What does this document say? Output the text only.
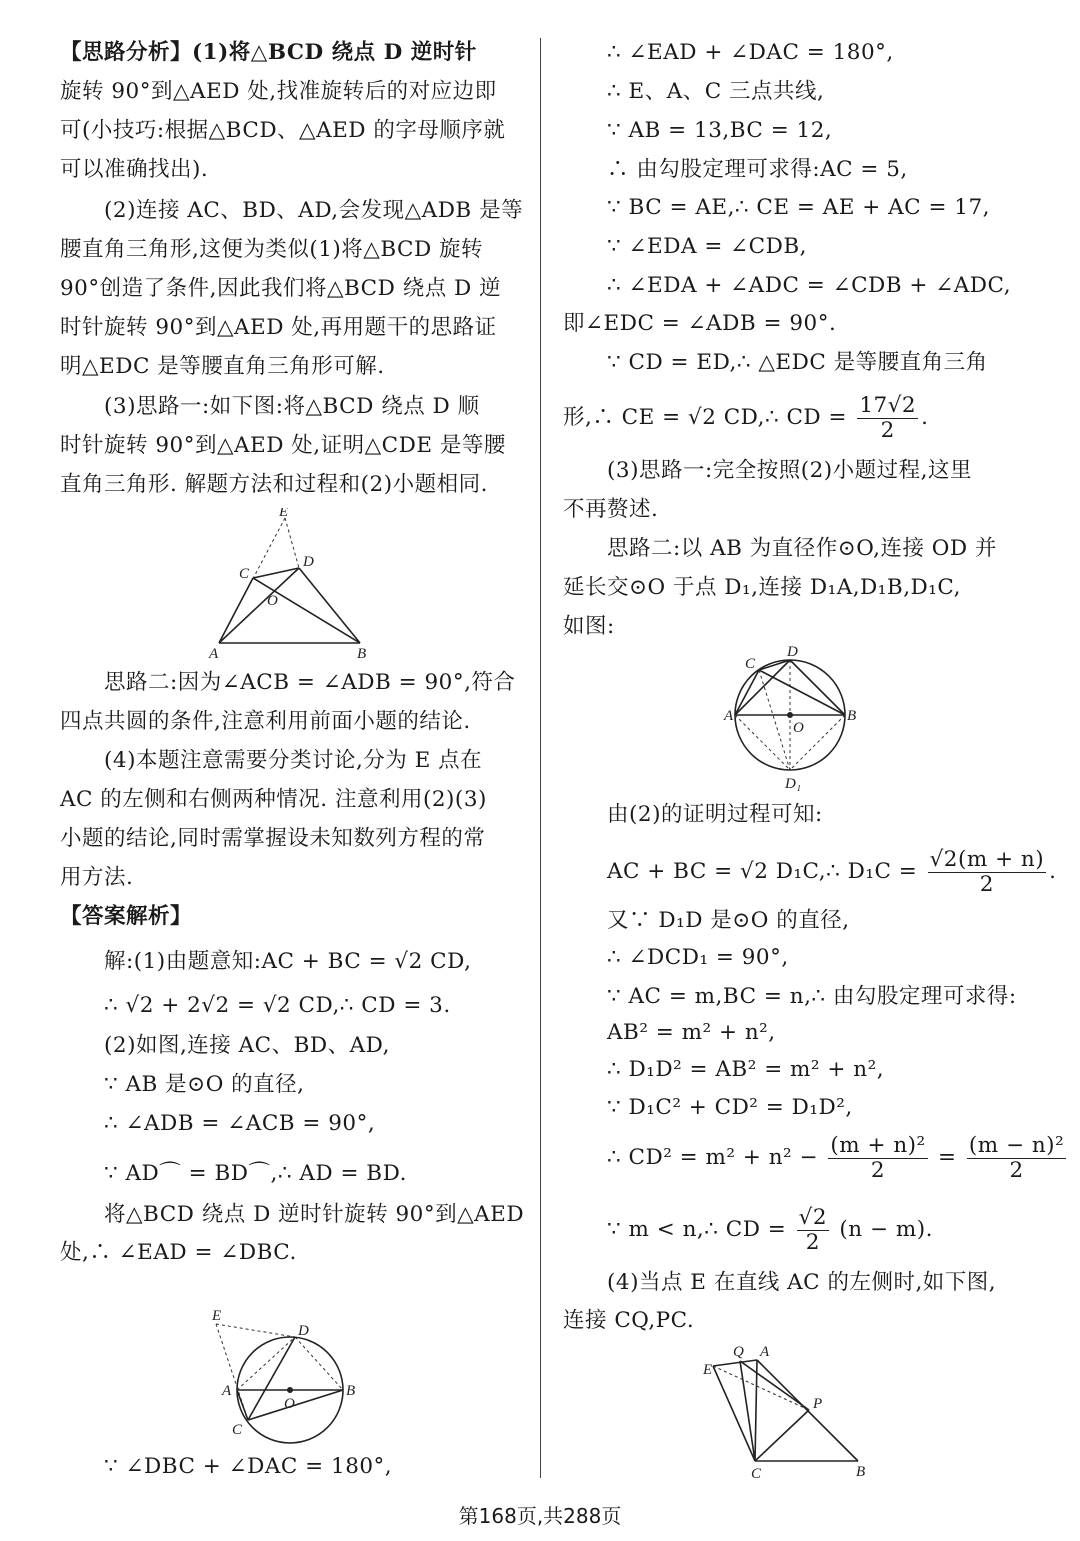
【思路分析】(1)将△BCD 绕点 D 逆时针
旋转 90°到△AED 处,找准旋转后的对应边即
可(小技巧:根据△BCD、△AED 的字母顺序就
可以准确找出).
(2)连接 AC、BD、AD,会发现△ADB 是等
腰直角三角形,这便为类似(1)将△BCD 旋转
90°创造了条件,因此我们将△BCD 绕点 D 逆
时针旋转 90°到△AED 处,再用题干的思路证
明△EDC 是等腰直角三角形可解.
(3)思路一:如下图:将△BCD 绕点 D 顺
时针旋转 90°到△AED 处,证明△CDE 是等腰
直角三角形. 解题方法和过程和(2)小题相同.
E
C
D
O
A	B
思路二:因为∠ACB = ∠ADB = 90°,符合
四点共圆的条件,注意利用前面小题的结论.
(4)本题注意需要分类讨论,分为 E 点在
AC 的左侧和右侧两种情况. 注意利用(2)(3)
小题的结论,同时需掌握设未知数列方程的常
用方法.
【答案解析】
解:(1)由题意知:AC + BC = √2 CD,
∴ √2 + 2√2 = √2 CD,∴ CD = 3.
(2)如图,连接 AC、BD、AD,
∵ AB 是⊙O 的直径,
∴ ∠ADB = ∠ACB = 90°,
∵ AD⌒ = BD⌒,∴ AD = BD.
将△BCD 绕点 D 逆时针旋转 90°到△AED
处,∴ ∠EAD = ∠DBC.
E
D
A
O
B
C
∵ ∠DBC + ∠DAC = 180°,
∴ ∠EAD + ∠DAC = 180°,
∴ E、A、C 三点共线,
∵ AB = 13,BC = 12,
∴ 由勾股定理可求得:AC = 5,
∵ BC = AE,∴ CE = AE + AC = 17,
∵ ∠EDA = ∠CDB,
∴ ∠EDA + ∠ADC = ∠CDB + ∠ADC,
即∠EDC = ∠ADB = 90°.
∵ CD = ED,∴ △EDC 是等腰直角三角
形,∴ CE = √2 CD,∴ CD = $\frac{17√2}{2}$ .
(3)思路一:完全按照(2)小题过程,这里
不再赘述.
思路二:以 AB 为直径作⊙O,连接 OD 并
延长交⊙O 于点 D₁,连接 D₁A,D₁B,D₁C,
如图:
C
D
A
O
B
D₁
由(2)的证明过程可知:
AC + BC = √2 D₁C,∴ $D_1C = \frac{√2(m + n)}{2}$ .
又∵ D₁D 是⊙O 的直径,
∴ ∠DCD₁ = 90°,
∵ AC = m,BC = n,∴ 由勾股定理可求得:
AB² = m² + n²,
∴ D₁D² = AB² = m² + n²,
∵ D₁C² + CD² = D₁D²,
∴ $CD^2 = m^2 + n^2 - \frac{\text{(m + n)²}}{2} = \frac{\text{(m − n)²}}{2}$
∵ m < n,∴ CD = $\frac{√2}{2} (n - m)$.
(4)当点 E 在直线 AC 的左侧时,如下图,
连接 CQ,PC.
Q A
E
P
C	B
第168页,共288页
